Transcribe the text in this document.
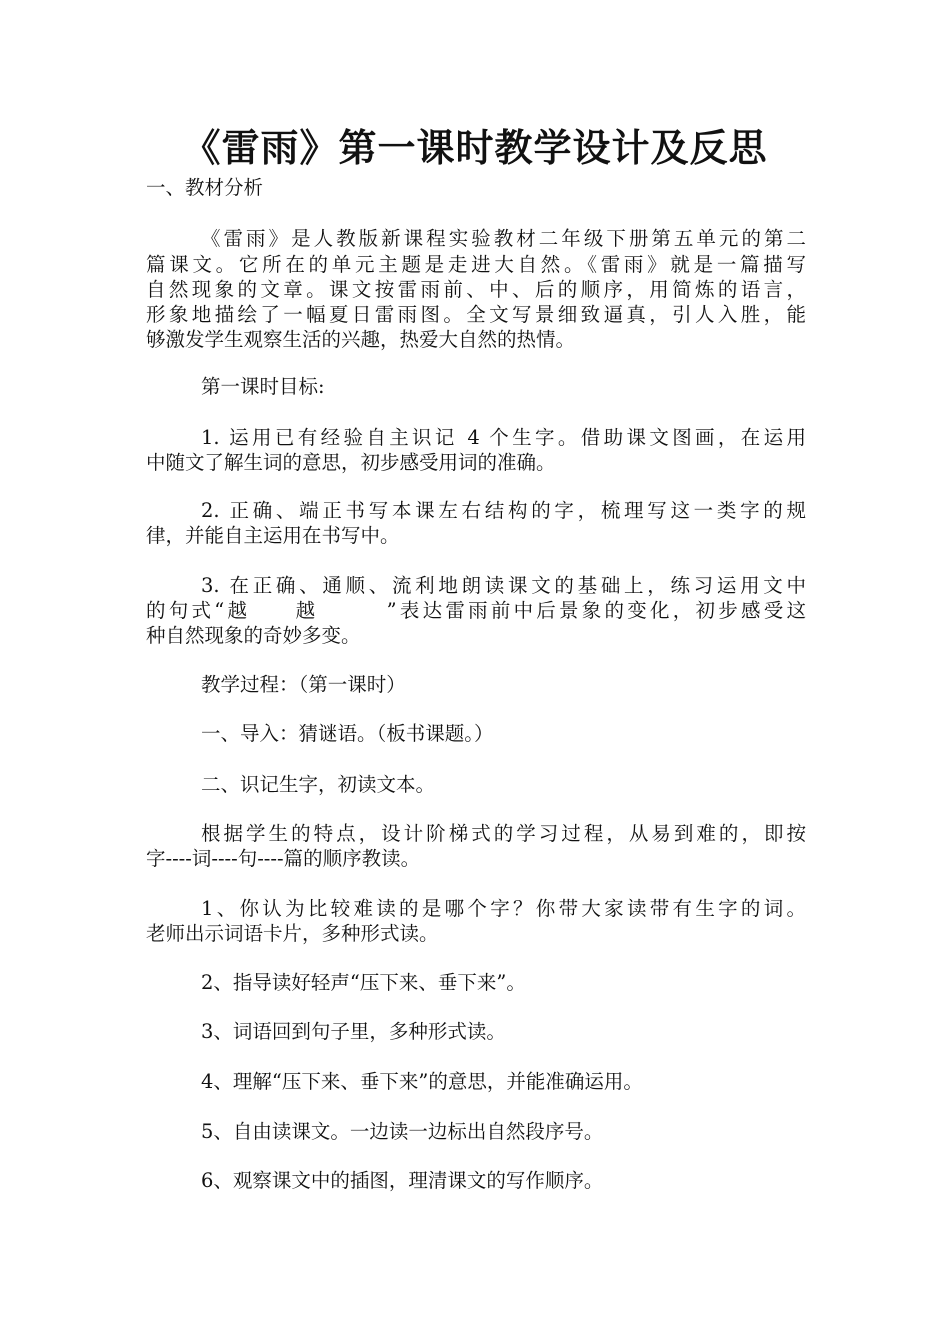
《雷雨》第一课时教学设计及反思
一、教材分析
《雷雨》是人教版新课程实验教材二年级下册第五单元的第二
篇课文。它所在的单元主题是走进大自然。《雷雨》就是一篇描写
自然现象的文章。课文按雷雨前、中、后的顺序，用简炼的语言，
形象地描绘了一幅夏日雷雨图。全文写景细致逼真，引人入胜，能
够激发学生观察生活的兴趣，热爱大自然的热情。
第一课时目标:
1. 运用已有经验自主识记 4 个生字。借助课文图画，在运用
中随文了解生词的意思，初步感受用词的准确。
2. 正确、端正书写本课左右结构的字，梳理写这一类字的规
律，并能自主运用在书写中。
3. 在正确、通顺、流利地朗读课文的基础上，练习运用文中
的句式“越　　越　　　”表达雷雨前中后景象的变化，初步感受这
种自然现象的奇妙多变。
教学过程：（第一课时）
一、导入：猜谜语。（板书课题。）
二、识记生字，初读文本。
根据学生的特点，设计阶梯式的学习过程，从易到难的，即按
字----词----句----篇的顺序教读。
1、你认为比较难读的是哪个字？你带大家读带有生字的词。
老师出示词语卡片，多种形式读。
2、指导读好轻声“压下来、垂下来”。
3、词语回到句子里，多种形式读。
4、理解“压下来、垂下来”的意思，并能准确运用。
5、自由读课文。一边读一边标出自然段序号。
6、观察课文中的插图，理清课文的写作顺序。
